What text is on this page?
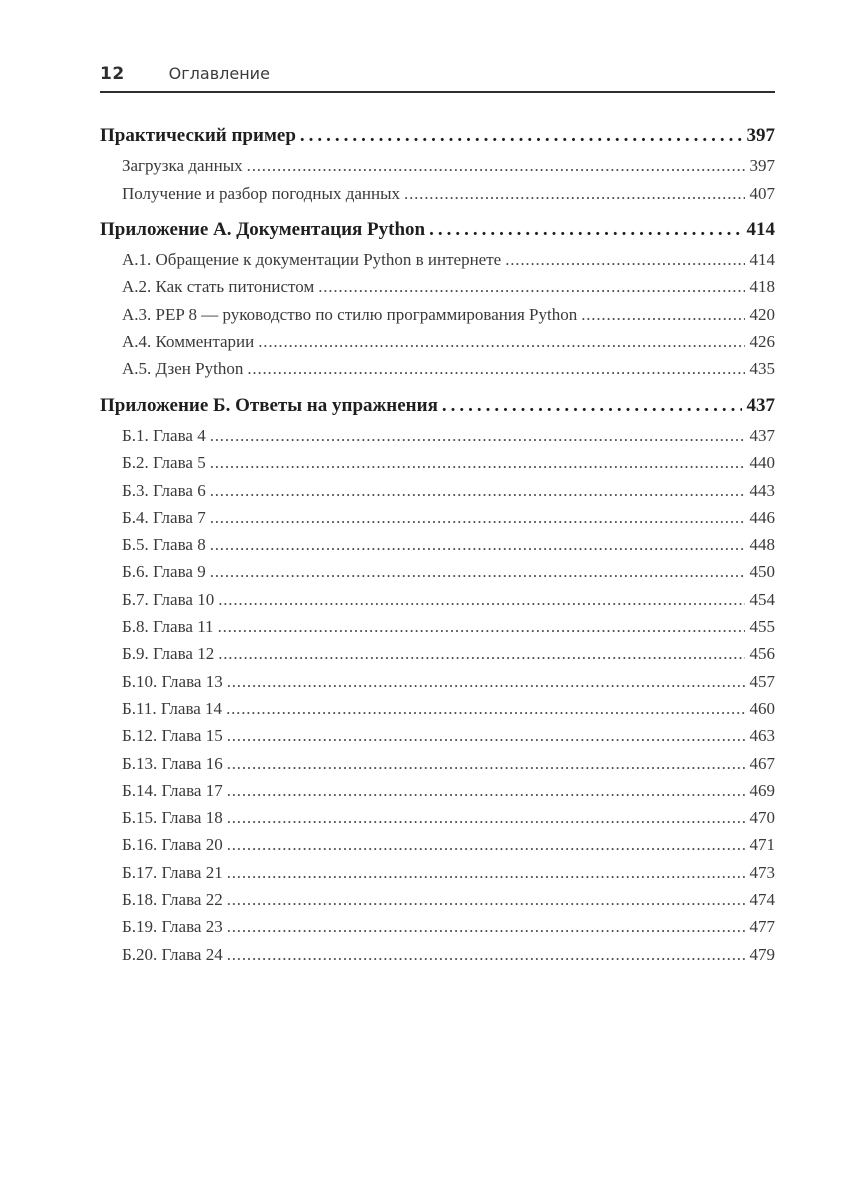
12	Оглавление
Практический пример .....	397
Загрузка данных .....	397
Получение и разбор погодных данных .....	407
Приложение А. Документация Python .....	414
А.1. Обращение к документации Python в интернете .....	414
А.2. Как стать питонистом .....	418
А.3. PEP 8 — руководство по стилю программирования Python .....	420
А.4. Комментарии .....	426
А.5. Дзен Python .....	435
Приложение Б. Ответы на упражнения .....	437
Б.1. Глава 4 .....	437
Б.2. Глава 5 .....	440
Б.3. Глава 6 .....	443
Б.4. Глава 7 .....	446
Б.5. Глава 8 .....	448
Б.6. Глава 9 .....	450
Б.7. Глава 10 .....	454
Б.8. Глава 11 .....	455
Б.9. Глава 12 .....	456
Б.10. Глава 13 .....	457
Б.11. Глава 14 .....	460
Б.12. Глава 15 .....	463
Б.13. Глава 16 .....	467
Б.14. Глава 17 .....	469
Б.15. Глава 18 .....	470
Б.16. Глава 20 .....	471
Б.17. Глава 21 .....	473
Б.18. Глава 22 .....	474
Б.19. Глава 23 .....	477
Б.20. Глава 24 .....	479
